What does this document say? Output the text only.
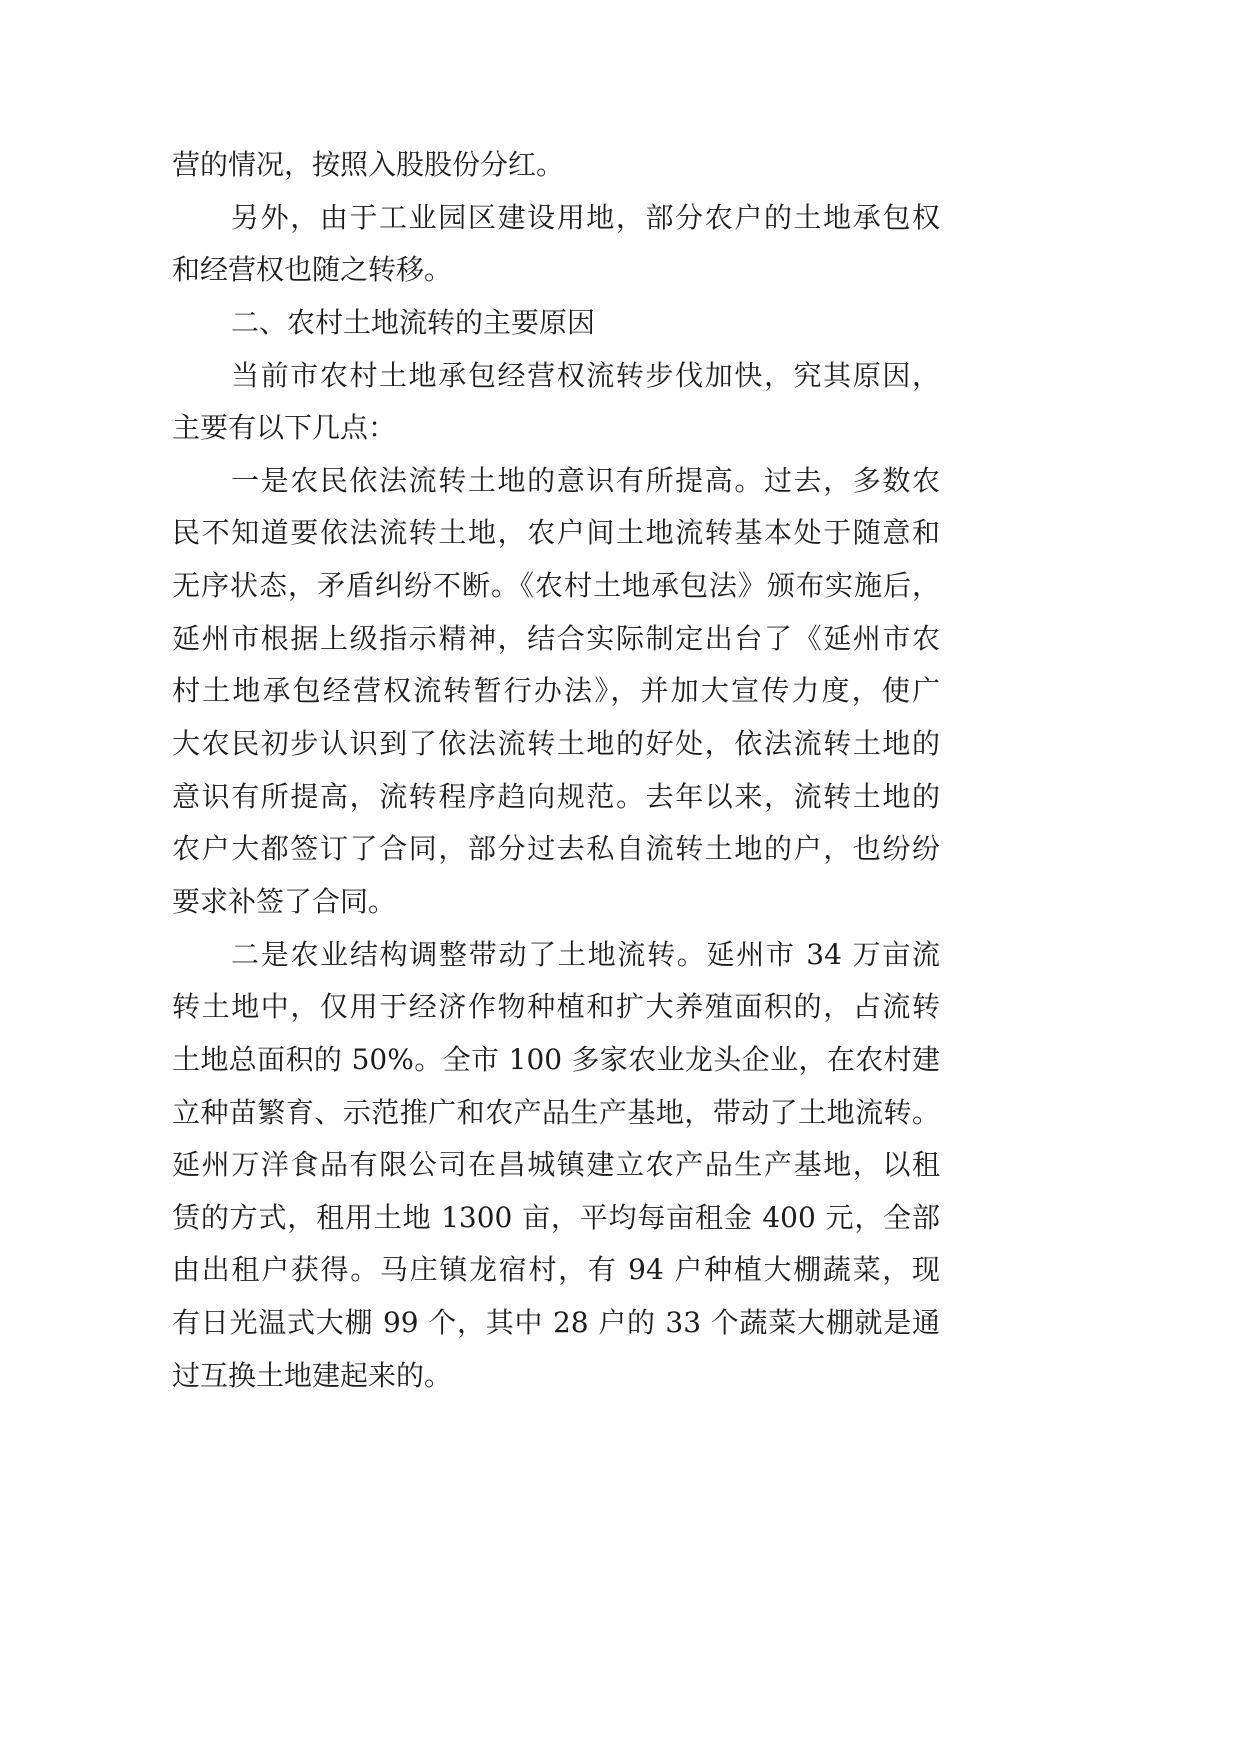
营的情况，按照入股股份分红。
另外，由于工业园区建设用地，部分农户的土地承包权
和经营权也随之转移。
二、农村土地流转的主要原因
当前市农村土地承包经营权流转步伐加快，究其原因，
主要有以下几点：
一是农民依法流转土地的意识有所提高。过去，多数农
民不知道要依法流转土地，农户间土地流转基本处于随意和
无序状态，矛盾纠纷不断。《农村土地承包法》颁布实施后，
延州市根据上级指示精神，结合实际制定出台了《延州市农
村土地承包经营权流转暂行办法》，并加大宣传力度，使广
大农民初步认识到了依法流转土地的好处，依法流转土地的
意识有所提高，流转程序趋向规范。去年以来，流转土地的
农户大都签订了合同，部分过去私自流转土地的户，也纷纷
要求补签了合同。
二是农业结构调整带动了土地流转。延州市 34 万亩流
转土地中，仅用于经济作物种植和扩大养殖面积的，占流转
土地总面积的 50%。全市 100 多家农业龙头企业，在农村建
立种苗繁育、示范推广和农产品生产基地，带动了土地流转。
延州万洋食品有限公司在昌城镇建立农产品生产基地，以租
赁的方式，租用土地 1300 亩，平均每亩租金 400 元，全部
由出租户获得。马庄镇龙宿村，有 94 户种植大棚蔬菜，现
有日光温式大棚 99 个，其中 28 户的 33 个蔬菜大棚就是通
过互换土地建起来的。
